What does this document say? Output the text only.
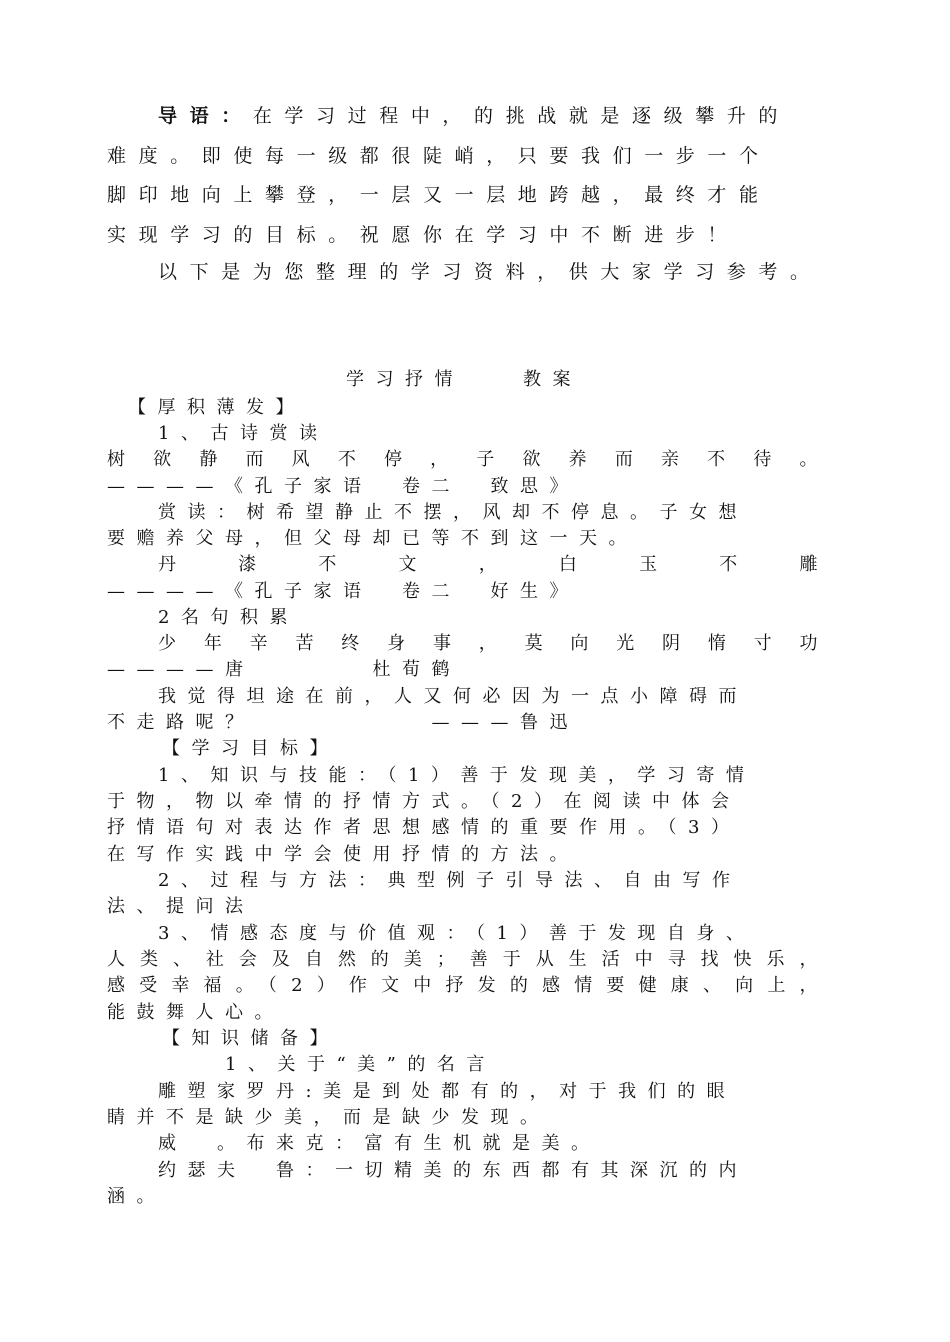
导语：在学习过程中，的挑战就是逐级攀升的
难度。即使每一级都很陡峭，只要我们一步一个
脚印地向上攀登，一层又一层地跨越，最终才能
实现学习的目标。祝愿你在学习中不断进步！
以下是为您整理的学习资料，供大家学习参考。
学习抒情　　教案
【厚积薄发】
1、古诗赏读
树欲静而风不停，子欲养而亲不待。
————《孔子家语　卷二　致思》
赏读：树希望静止不摆，风却不停息。子女想
要赡养父母，但父母却已等不到这一天。
丹漆不文，白玉不雕
————《孔子家语　卷二　好生》
2名句积累
少年辛苦终身事，莫向光阴惰寸功
————唐　　　　杜荀鹤
我觉得坦途在前，人又何必因为一点小障碍而
不走路呢？　　　　　　———鲁迅
【学习目标】
1、知识与技能：（1）善于发现美，学习寄情
于物，物以牵情的抒情方式。（2）在阅读中体会
抒情语句对表达作者思想感情的重要作用。（3）
在写作实践中学会使用抒情的方法。
2、过程与方法：典型例子引导法、自由写作
法、提问法
3、情感态度与价值观：（1）善于发现自身、
人类、社会及自然的美；善于从生活中寻找快乐，
感受幸福。（2）作文中抒发的感情要健康、向上，
能鼓舞人心。
【知识储备】
1、关于“美”的名言
雕塑家罗丹:美是到处都有的，对于我们的眼
睛并不是缺少美，而是缺少发现。
威　。布来克：富有生机就是美。
约瑟夫　鲁：一切精美的东西都有其深沉的内
涵。
